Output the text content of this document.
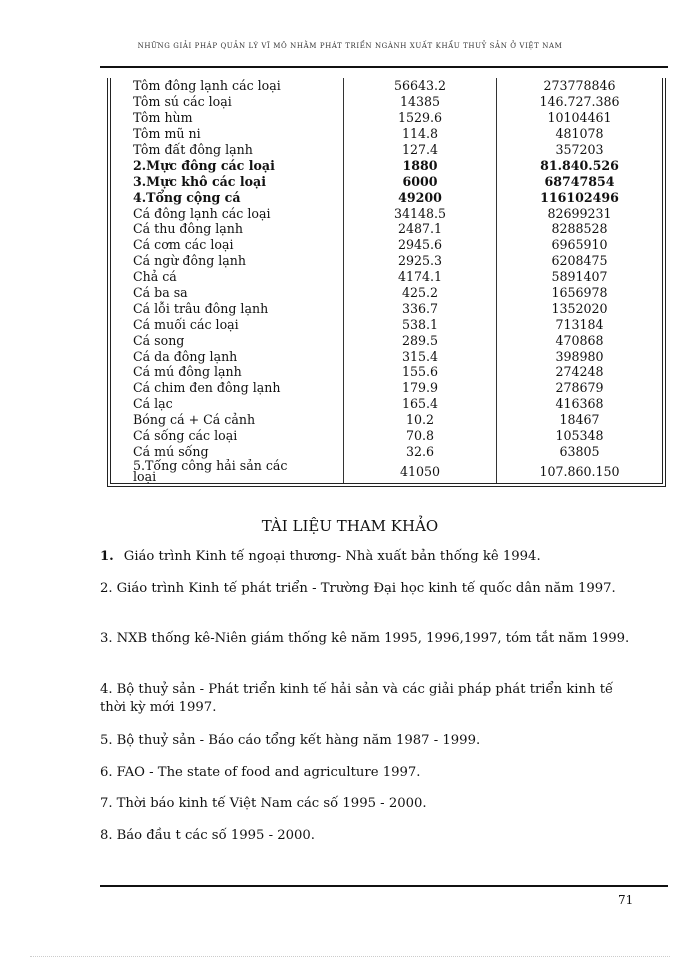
NHỮNG GIẢI PHÁP QUẢN LÝ VĨ MÔ NHẰM PHÁT TRIỂN NGÀNH XUẤT KHẨU THUỶ SẢN Ở VIỆT NAM
Tôm đông lạnh các loại	56643.2	273778846
Tôm sú các loại	14385	146.727.386
Tôm hùm	1529.6	10104461
Tôm mũ ni	114.8	481078
Tôm đất đông lạnh	127.4	357203
2.Mực đông các loại	1880	81.840.526
3.Mực khô các loại	6000	68747854
4.Tổng cộng cá	49200	116102496
Cá đông lạnh các loại	34148.5	82699231
Cá thu đông lạnh	2487.1	8288528
Cá cơm các loại	2945.6	6965910
Cá ngừ đông lạnh	2925.3	6208475
Chả cá	4174.1	5891407
Cá ba sa	425.2	1656978
Cá lỗi trâu đông lạnh	336.7	1352020
Cá muối các loại	538.1	713184
Cá song	289.5	470868
Cá da đông lạnh	315.4	398980
Cá mú đông lạnh	155.6	274248
Cá chim đen đông lạnh	179.9	278679
Cá lạc	165.4	416368
Bóng cá + Cá cảnh	10.2	18467
Cá sống các loại	70.8	105348
Cá mú sống	32.6	63805

5.Tổng công hải sản các
loại	41050	107.860.150
TÀI LIỆU THAM KHẢO
1. Giáo trình Kinh tế ngoại thương- Nhà xuất bản thống kê 1994.
2. Giáo trình Kinh tế phát triển - Trường Đại học kinh tế quốc dân năm 1997.
3. NXB thống kê-Niên giám thống kê năm 1995, 1996,1997, tóm tắt năm 1999.
4. Bộ thuỷ sản - Phát triển kinh tế hải sản và các giải pháp phát triển kinh tế thời kỳ mới 1997.
5. Bộ thuỷ sản - Báo cáo tổng kết hàng năm 1987 - 1999.
6. FAO - The state of food and agriculture 1997.
7. Thời báo kinh tế Việt Nam các số 1995 - 2000.
8. Báo đầu t các số 1995 - 2000.
71
